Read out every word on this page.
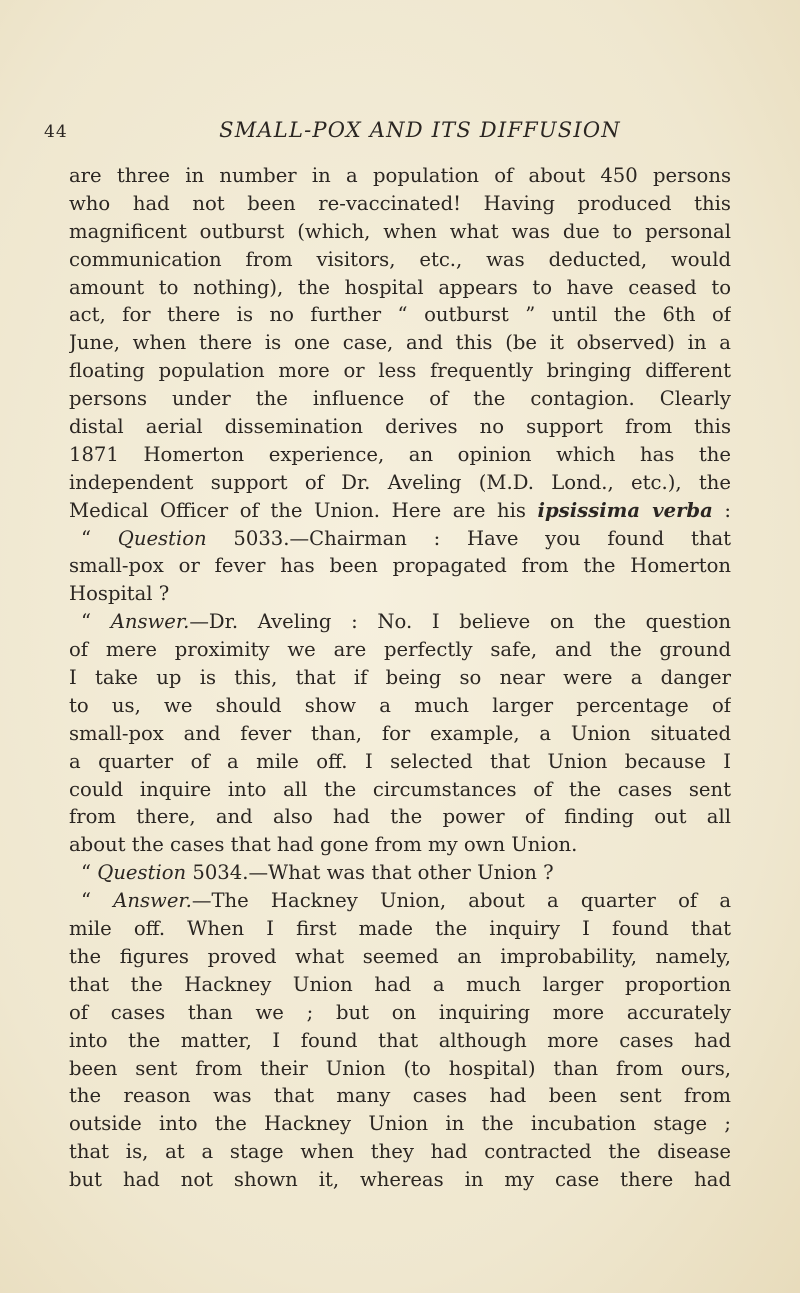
44	SMALL-POX AND ITS DIFFUSION
are three in number in a population of about 450 persons
who had not been re-vaccinated! Having produced this
magnificent outburst (which, when what was due to personal
communication from visitors, etc., was deducted, would
amount to nothing), the hospital appears to have ceased to
act, for there is no further “ outburst ” until the 6th of
June, when there is one case, and this (be it observed) in a
floating population more or less frequently bringing different
persons under the influence of the contagion. Clearly
distal aerial dissemination derives no support from this
1871 Homerton experience, an opinion which has the
independent support of Dr. Aveling (M.D. Lond., etc.), the
Medical Officer of the Union. Here are his ipsissima verba :
“ Question 5033.—Chairman : Have you found that
small-pox or fever has been propagated from the Homerton
Hospital ?
“ Answer.—Dr. Aveling : No. I believe on the question
of mere proximity we are perfectly safe, and the ground
I take up is this, that if being so near were a danger
to us, we should show a much larger percentage of
small-pox and fever than, for example, a Union situated
a quarter of a mile off. I selected that Union because I
could inquire into all the circumstances of the cases sent
from there, and also had the power of finding out all
about the cases that had gone from my own Union.
“ Question 5034.—What was that other Union ?
“ Answer.—The Hackney Union, about a quarter of a
mile off. When I first made the inquiry I found that
the figures proved what seemed an improbability, namely,
that the Hackney Union had a much larger proportion
of cases than we ; but on inquiring more accurately
into the matter, I found that although more cases had
been sent from their Union (to hospital) than from ours,
the reason was that many cases had been sent from
outside into the Hackney Union in the incubation stage ;
that is, at a stage when they had contracted the disease
but had not shown it, whereas in my case there had
